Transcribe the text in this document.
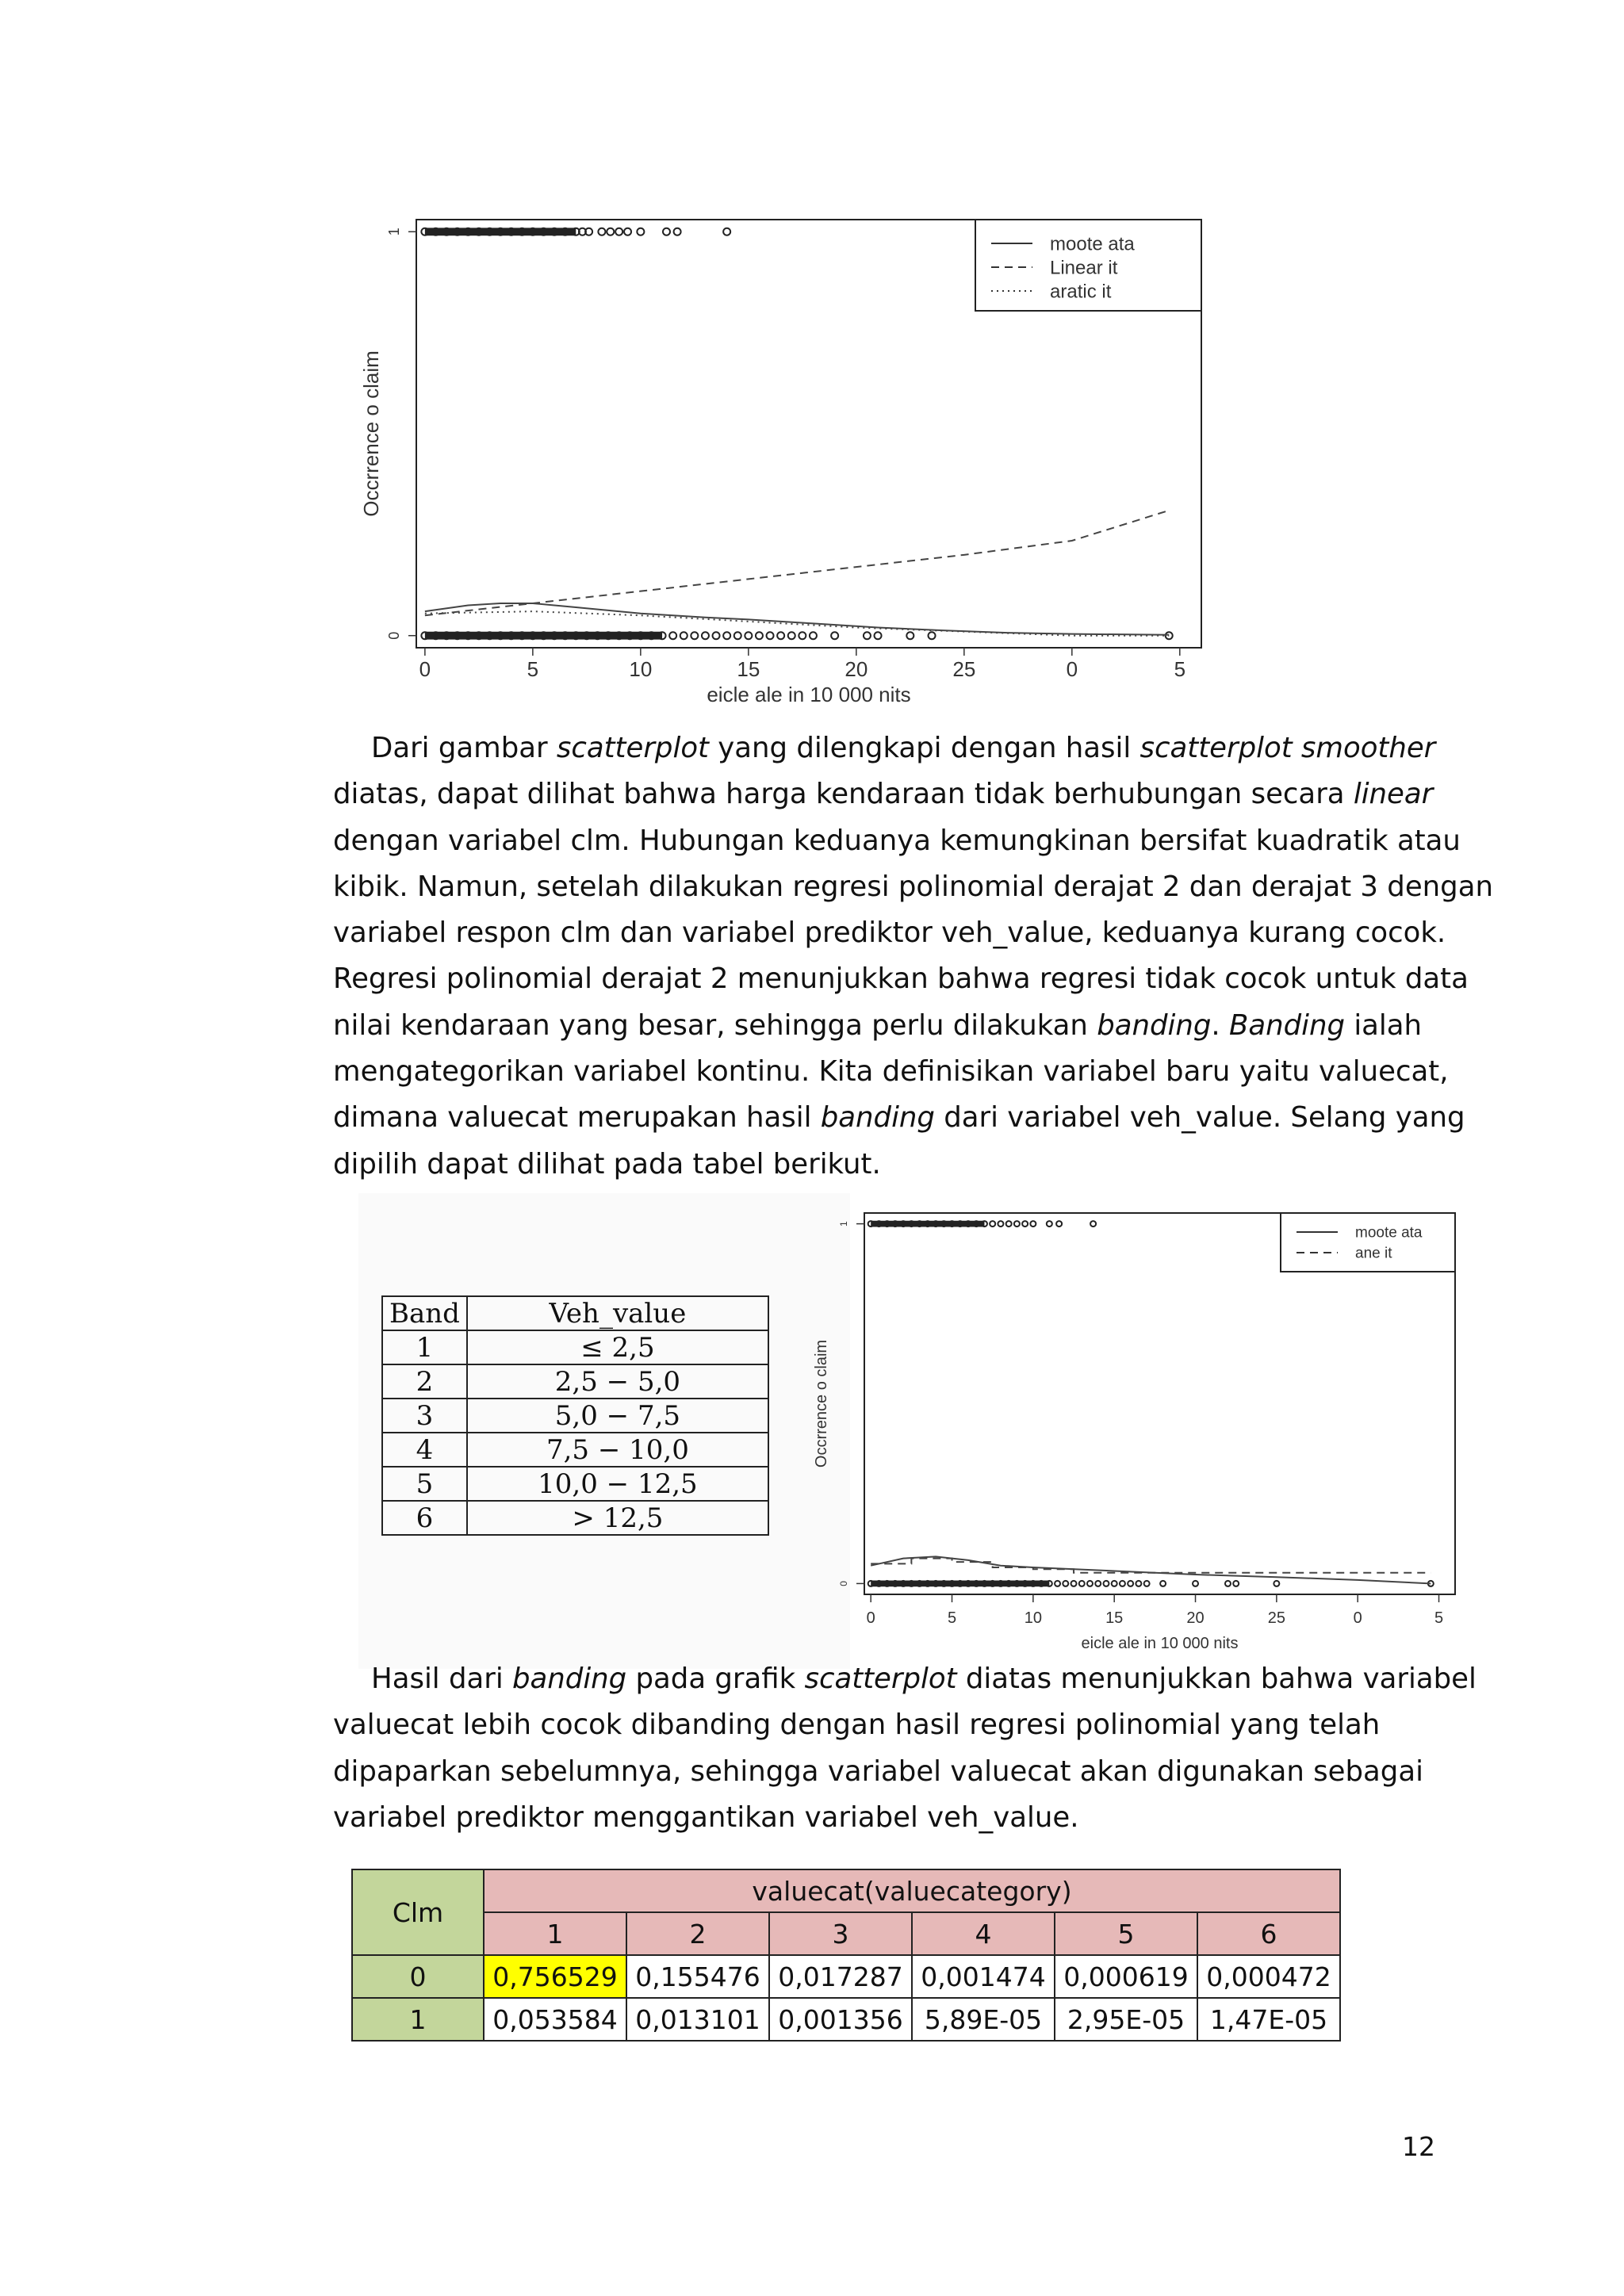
0	5	10	15	20	25	0	5
0
1
eicle ale in 10 000 nits
Occrrence o claim
moote ata
Linear it
aratic it

Dari gambar scatterplot yang dilengkapi dengan hasil scatterplot smoother
diatas, dapat dilihat bahwa harga kendaraan tidak berhubungan secara linear
dengan variabel clm. Hubungan keduanya kemungkinan bersifat kuadratik atau
kibik. Namun, setelah dilakukan regresi polinomial derajat 2 dan derajat 3 dengan
variabel respon clm dan variabel prediktor veh_value, keduanya kurang cocok.
Regresi polinomial derajat 2 menunjukkan bahwa regresi tidak cocok untuk data
nilai kendaraan yang besar, sehingga perlu dilakukan banding. Banding ialah
mengategorikan variabel kontinu. Kita definisikan variabel baru yaitu valuecat,
dimana valuecat merupakan hasil banding dari variabel veh_value. Selang yang
dipilih dapat dilihat pada tabel berikut.

Band	Veh_value
1	≤ 2,5
2	2,5 − 5,0
3	5,0 − 7,5
4	7,5 − 10,0
5	10,0 − 12,5
6	> 12,5
0	5	10	15	20	25	0	5
0
1
eicle ale in 10 000 nits
Occrrence o claim
moote ata
ane it

Hasil dari banding pada grafik scatterplot diatas menunjukkan bahwa variabel
valuecat lebih cocok dibanding dengan hasil regresi polinomial yang telah
dipaparkan sebelumnya, sehingga variabel valuecat akan digunakan sebagai
variabel prediktor menggantikan variabel veh_value.

Clm	valuecat(valuecategory)					
	1	2	3	4	5	6
0	0,756529	0,155476	0,017287	0,001474	0,000619	0,000472
1	0,053584	0,013101	0,001356	5,89E-05	2,95E-05	1,47E-05
12
